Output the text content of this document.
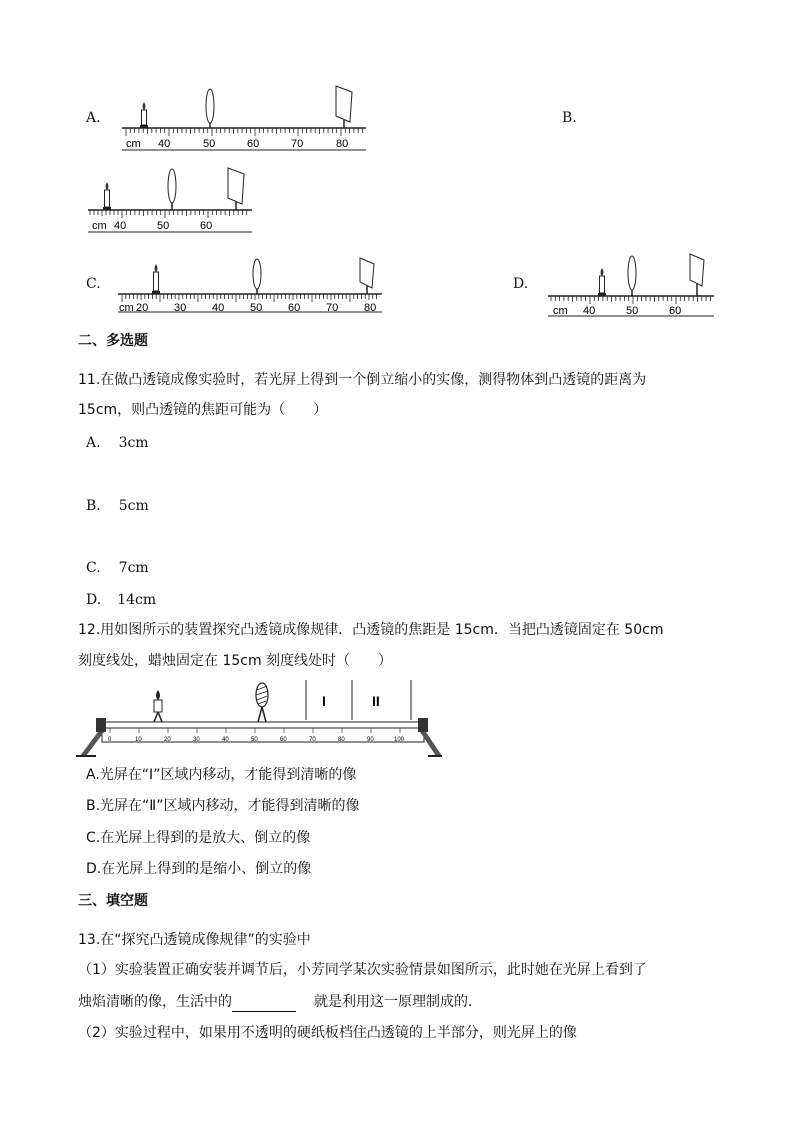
A.
cm 40	50	60	70	80
B.
cm 40	50	60
C.
cm 20 30 40 50 60 70 80
D.
cm 40	50	60
二、多选题
11.在做凸透镜成像实验时，若光屏上得到一个倒立缩小的实像，测得物体到凸透镜的距离为
15cm，则凸透镜的焦距可能为（　　）
A. 3cm
B. 5cm
C. 7cm
D. 14cm
12.用如图所示的装置探究凸透镜成像规律．凸透镜的焦距是 15cm．当把凸透镜固定在 50cm
刻度线处，蜡烛固定在 15cm 刻度线处时（　　）
I	II
0	10	20	30	40	50	60	70	80	90	100
A.光屏在“Ⅰ”区域内移动，才能得到清晰的像
B.光屏在“Ⅱ”区域内移动，才能得到清晰的像
C.在光屏上得到的是放大、倒立的像
D.在光屏上得到的是缩小、倒立的像
三、填空题
13.在“探究凸透镜成像规律”的实验中
（1）实验装置正确安装并调节后，小芳同学某次实验情景如图所示，此时她在光屏上看到了
烛焰清晰的像，生活中的	　就是利用这一原理制成的．
（2）实验过程中，如果用不透明的硬纸板档住凸透镜的上半部分，则光屏上的像
